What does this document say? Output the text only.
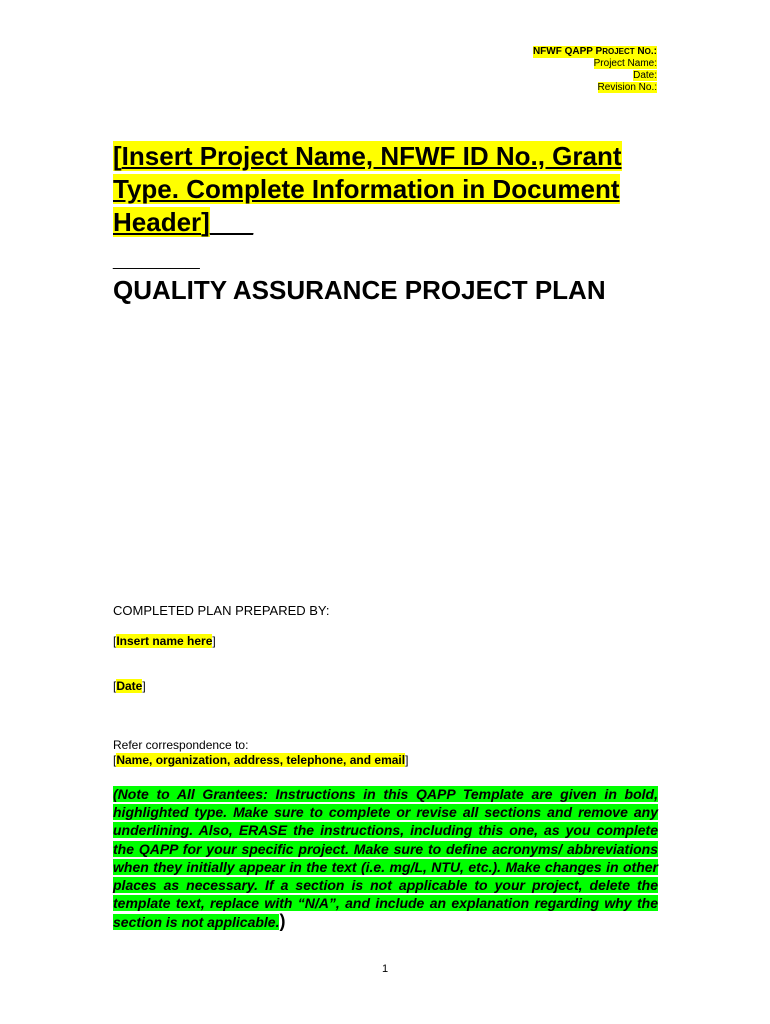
NFWF QAPP PROJECT NO.:
Project Name:
Date:
Revision No.:
[Insert Project Name, NFWF ID No., Grant Type. Complete Information in Document Header]___
______
QUALITY ASSURANCE PROJECT PLAN
COMPLETED PLAN PREPARED BY:
[Insert name here]
[Date]
Refer correspondence to:
[Name, organization, address, telephone, and email]

(Note to All Grantees: Instructions in this QAPP Template are given in bold, highlighted type. Make sure to complete or revise all sections and remove any underlining. Also, ERASE the instructions, including this one, as you complete the QAPP for your specific project. Make sure to define acronyms/ abbreviations when they initially appear in the text (i.e. mg/L, NTU, etc.). Make changes in other places as necessary. If a section is not applicable to your project, delete the template text, replace with “N/A”, and include an explanation regarding why the section is not applicable.)

1
